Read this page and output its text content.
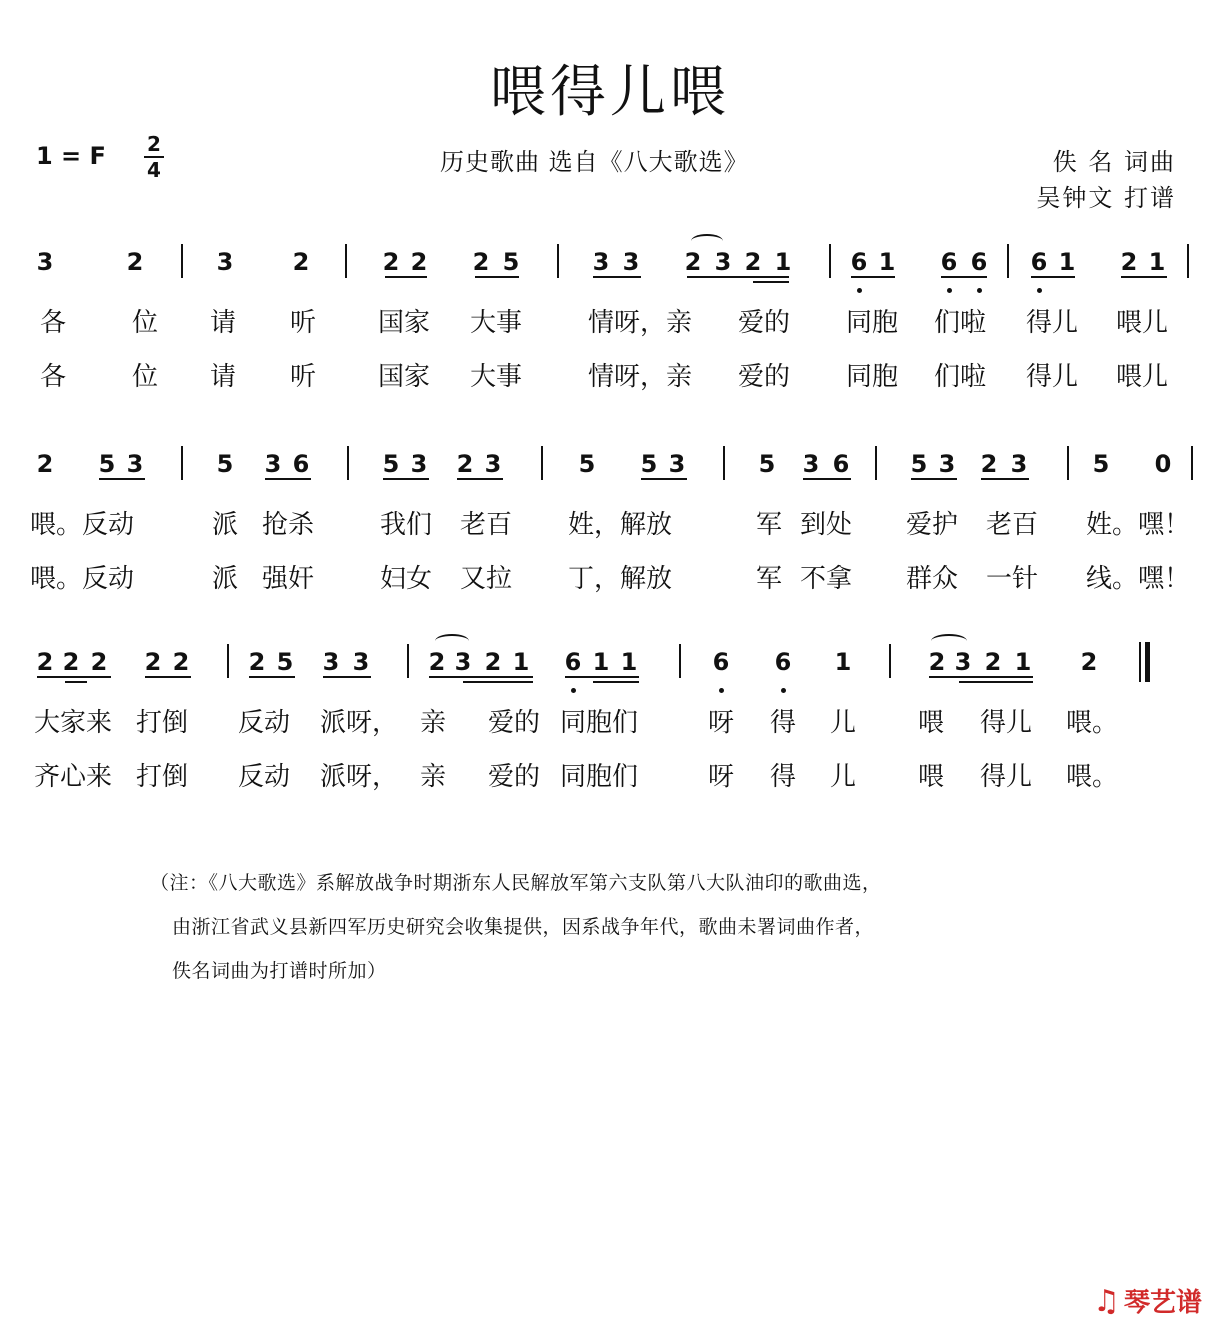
喂得儿喂
1 = F 2
4	历史歌曲 选自《八大歌选》	佚 名 词曲
吴钟文 打谱
3	2	3 2	2 2 2 5	3 3 2 3 2 1 6 1 6 6 6 1 2 1
各	位 请 听 国家 大事	情呀，亲 爱的 同胞 们啦 得儿 喂儿
各	位 请 听 国家 大事	情呀，亲 爱的 同胞 们啦 得儿 喂儿
2 5 3	5 3 6	5 3 2 3	5 5 3	5 3 6	5 3 2 3	5 0
喂。反动	派 抢杀	我们 老百 姓，解放	军 到处 爱护 老百 姓。嘿！
喂。反动	派 强奸	妇女 又拉 丁，解放	军 不拿 群众 一针 线。嘿！
2 2 2 2 2 2 5 3 3 2 3 2 1 6 1 1	6 6 1	2 3 2 1 2
大家来 打倒 反动 派呀， 亲 爱的 同胞们	呀 得 儿 喂 得儿 喂。
齐心来 打倒 反动 派呀， 亲 爱的 同胞们	呀 得 儿 喂 得儿 喂。
（注：《八大歌选》系解放战争时期浙东人民解放军第六支队第八大队油印的歌曲选，
由浙江省武义县新四军历史研究会收集提供，因系战争年代，歌曲未署词曲作者，
佚名词曲为打谱时所加）
♫ 琴艺谱
